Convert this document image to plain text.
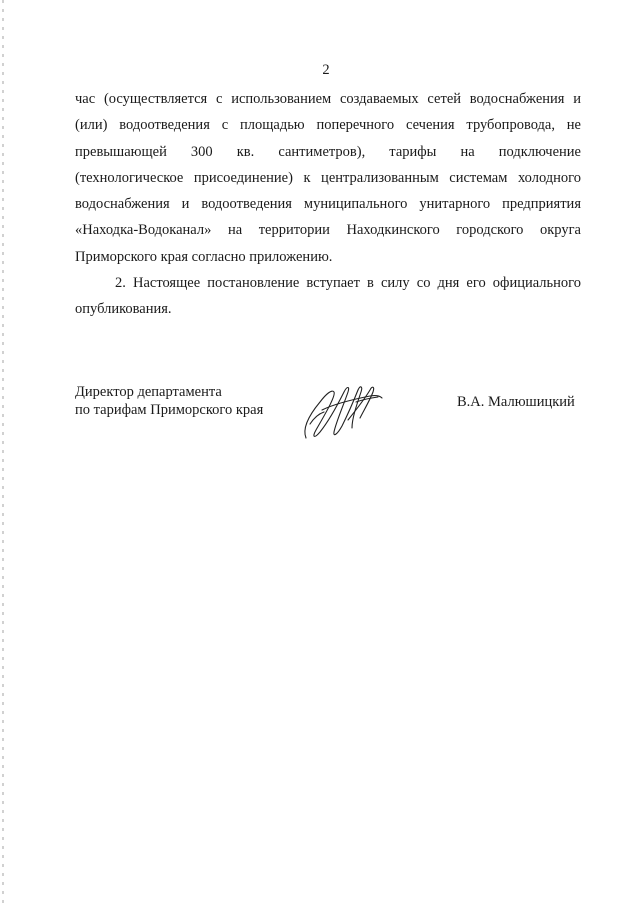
2
час (осуществляется с использованием создаваемых сетей водоснабжения и
(или) водоотведения с площадью поперечного сечения трубопровода, не
превышающей 300 кв. сантиметров), тарифы на подключение
(технологическое присоединение) к централизованным системам холодного
водоснабжения и водоотведения муниципального унитарного предприятия
«Находка-Водоканал» на территории Находкинского городского округа
Приморского края согласно приложению.
2. Настоящее постановление вступает в силу со дня его официального
опубликования.
Директор департамента
по тарифам Приморского края	В.А. Малюшицкий
